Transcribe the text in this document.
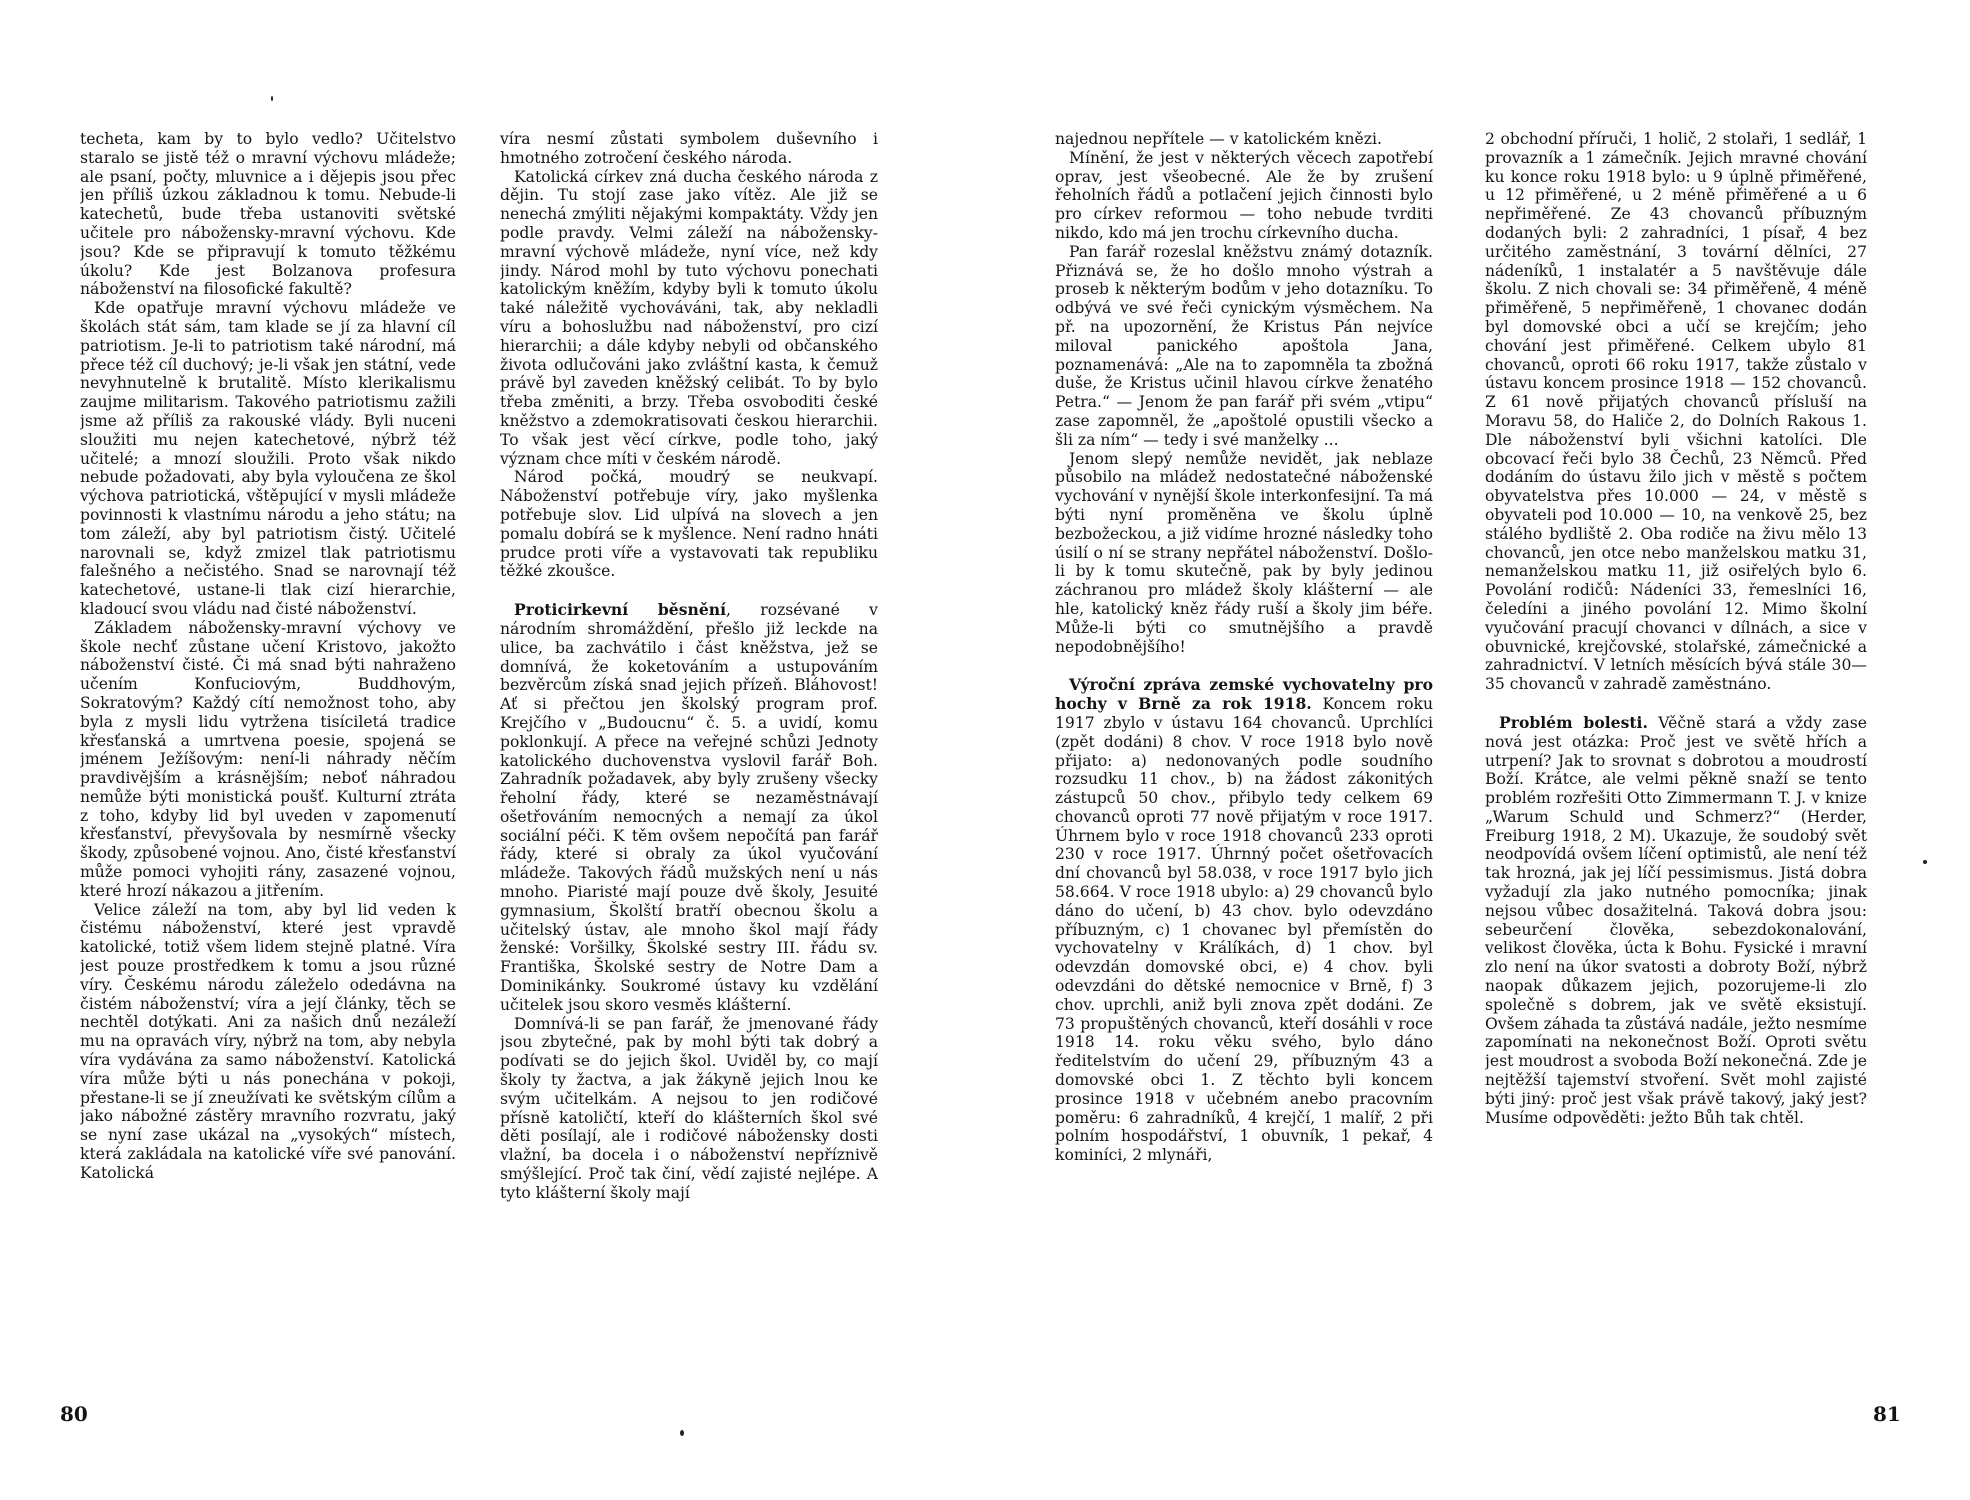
techeta, kam by to bylo vedlo? Učitelstvo staralo se jistě též o mravní výchovu mládeže; ale psaní, počty, mluvnice a i dějepis jsou přec jen příliš úzkou základnou k tomu. Nebude-li katechetů, bude třeba ustanoviti světské učitele pro nábožensky-mravní výchovu. Kde jsou? Kde se připravují k tomuto těžkému úkolu? Kde jest Bolzanova profesura náboženství na filosofické fakultě?

Kde opatřuje mravní výchovu mládeže ve školách stát sám, tam klade se jí za hlavní cíl patriotism. Je-li to patriotism také národní, má přece též cíl duchový; je-li však jen státní, vede nevyhnutelně k brutalitě. Místo klerikalismu zaujme militarism. Takového patriotismu zažili jsme až příliš za rakouské vlády. Byli nuceni sloužiti mu nejen katechetové, nýbrž též učitelé; a mnozí sloužili. Proto však nikdo nebude požadovati, aby byla vyloučena ze škol výchova patriotická, vštěpující v mysli mládeže povinnosti k vlastnímu národu a jeho státu; na tom záleží, aby byl patriotism čistý. Učitelé narovnali se, když zmizel tlak patriotismu falešného a nečistého. Snad se narovnají též katechetové, ustane-li tlak cizí hierarchie, kladoucí svou vládu nad čisté náboženství.

Základem nábožensky-mravní výchovy ve škole nechť zůstane učení Kristovo, jakožto náboženství čisté. Či má snad býti nahraženo učením Konfuciovým, Buddhovým, Sokratovým? Každý cítí nemožnost toho, aby byla z mysli lidu vytržena tisíciletá tradice křesťanská a umrtvena poesie, spojená se jménem Ježíšovým: není-li náhrady něčím pravdivějším a krásnějším; neboť náhradou nemůže býti monistická poušť. Kulturní ztráta z toho, kdyby lid byl uveden v zapomenutí křesťanství, převyšovala by nesmírně všecky škody, způsobené vojnou. Ano, čisté křesťanství může pomoci vyhojiti rány, zasazené vojnou, které hrozí nákazou a jitřením.

Velice záleží na tom, aby byl lid veden k čistému náboženství, které jest vpravdě katolické, totiž všem lidem stejně platné. Víra jest pouze prostředkem k tomu a jsou různé víry. Českému národu záleželo odedávna na čistém náboženství; víra a její články, těch se nechtěl dotýkati. Ani za našich dnů nezáleží mu na opravách víry, nýbrž na tom, aby nebyla víra vydávána za samo náboženství. Katolická víra může býti u nás ponechána v pokoji, přestane-li se jí zneužívati ke světským cílům a jako nábožné zástěry mravního rozvratu, jaký se nyní zase ukázal na „vysokých“ místech, která zakládala na katolické víře své panování. Katolická

víra nesmí zůstati symbolem duševního i hmotného zotročení českého národa.

Katolická církev zná ducha českého národa z dějin. Tu stojí zase jako vítěz. Ale již se nenechá zmýliti nějakými kompaktáty. Vždy jen podle pravdy. Velmi záleží na nábožensky-mravní výchově mládeže, nyní více, než kdy jindy. Národ mohl by tuto výchovu ponechati katolickým kněžím, kdyby byli k tomuto úkolu také náležitě vychováváni, tak, aby nekladli víru a bohoslužbu nad náboženství, pro cizí hierarchii; a dále kdyby nebyli od občanského života odlučováni jako zvláštní kasta, k čemuž právě byl zaveden kněžský celibát. To by bylo třeba změniti, a brzy. Třeba osvoboditi české kněžstvo a zdemokratisovati českou hierarchii. To však jest věcí církve, podle toho, jaký význam chce míti v českém národě.

Národ počká, moudrý se neukvapí. Náboženství potřebuje víry, jako myšlenka potřebuje slov. Lid ulpívá na slovech a jen pomalu dobírá se k myšlence. Není radno hnáti prudce proti víře a vystavovati tak republiku těžké zkoušce.

Proticirkevní běsnění, rozsévané v národním shromáždění, přešlo již leckde na ulice, ba zachvátilo i část kněžstva, jež se domnívá, že koketováním a ustupováním bezvěrcům získá snad jejich přízeň. Bláhovost! Ať si přečtou jen školský program prof. Krejčího v „Budoucnu“ č. 5. a uvidí, komu poklonkují. A přece na veřejné schůzi Jednoty katolického duchovenstva vyslovil farář Boh. Zahradník požadavek, aby byly zrušeny všecky řeholní řády, které se nezaměstnávají ošetřováním nemocných a nemají za úkol sociální péči. K těm ovšem nepočítá pan farář řády, které si obraly za úkol vyučování mládeže. Takových řádů mužských není u nás mnoho. Piaristé mají pouze dvě školy, Jesuité gymnasium, Školští bratří obecnou školu a učitelský ústav, ale mnoho škol mají řády ženské: Voršilky, Školské sestry III. řádu sv. Františka, Školské sestry de Notre Dam a Dominikánky. Soukromé ústavy ku vzdělání učitelek jsou skoro vesměs klášterní.

Domnívá-li se pan farář, že jmenované řády jsou zbytečné, pak by mohl býti tak dobrý a podívati se do jejich škol. Uviděl by, co mají školy ty žactva, a jak žákyně jejich lnou ke svým učitelkám. A nejsou to jen rodičové přísně katoličtí, kteří do klášterních škol své děti posílají, ale i rodičové nábožensky dosti vlažní, ba docela i o náboženství nepříznivě smýšlející. Proč tak činí, vědí zajisté nejlépe. A tyto klášterní školy mají

80

najednou nepřítele — v katolickém knězi.

Mínění, že jest v některých věcech zapotřebí oprav, jest všeobecné. Ale že by zrušení řeholních řádů a potlačení jejich činnosti bylo pro církev reformou — toho nebude tvrditi nikdo, kdo má jen trochu církevního ducha.

Pan farář rozeslal kněžstvu známý dotazník. Přiznává se, že ho došlo mnoho výstrah a proseb k některým bodům v jeho dotazníku. To odbývá ve své řeči cynickým výsměchem. Na př. na upozornění, že Kristus Pán nejvíce miloval panického apoštola Jana, poznamenává: „Ale na to zapomněla ta zbožná duše, že Kristus učinil hlavou církve ženatého Petra.“ — Jenom že pan farář při svém „vtipu“ zase zapomněl, že „apoštolé opustili všecko a šli za ním“ — tedy i své manželky ...

Jenom slepý nemůže nevidět, jak neblaze působilo na mládež nedostatečné náboženské vychování v nynější škole interkonfesijní. Ta má býti nyní proměněna ve školu úplně bezbožeckou, a již vidíme hrozné následky toho úsilí o ní se strany nepřátel náboženství. Došlo-li by k tomu skutečně, pak by byly jedinou záchranou pro mládež školy klášterní — ale hle, katolický kněz řády ruší a školy jim béře. Může-li býti co smutnějšího a pravdě nepodobnějšího!

Výroční zpráva zemské vychovatelny pro hochy v Brně za rok 1918. Koncem roku 1917 zbylo v ústavu 164 chovanců. Uprchlíci (zpět dodáni) 8 chov. V roce 1918 bylo nově přijato: a) nedonovaných podle soudního rozsudku 11 chov., b) na žádost zákonitých zástupců 50 chov., přibylo tedy celkem 69 chovanců oproti 77 nově přijatým v roce 1917. Úhrnem bylo v roce 1918 chovanců 233 oproti 230 v roce 1917. Úhrnný počet ošetřovacích dní chovanců byl 58.038, v roce 1917 bylo jich 58.664. V roce 1918 ubylo: a) 29 chovanců bylo dáno do učení, b) 43 chov. bylo odevzdáno příbuzným, c) 1 chovanec byl přemístěn do vychovatelny v Králíkách, d) 1 chov. byl odevzdán domovské obci, e) 4 chov. byli odevzdáni do dětské nemocnice v Brně, f) 3 chov. uprchli, aniž byli znova zpět dodáni. Ze 73 propuštěných chovanců, kteří dosáhli v roce 1918 14. roku věku svého, bylo dáno ředitelstvím do učení 29, příbuzným 43 a domovské obci 1. Z těchto byli koncem prosince 1918 v učebném anebo pracovním poměru: 6 zahradníků, 4 krejčí, 1 malíř, 2 při polním hospodářství, 1 obuvník, 1 pekař, 4 kominíci, 2 mlynáři,

2 obchodní příruči, 1 holič, 2 stolaři, 1 sedlář, 1 provazník a 1 zámečník. Jejich mravné chování ku konce roku 1918 bylo: u 9 úplně přiměřené, u 12 přiměřené, u 2 méně přiměřené a u 6 nepřiměřené. Ze 43 chovanců příbuzným dodaných byli: 2 zahradníci, 1 písař, 4 bez určitého zaměstnání, 3 tovární dělníci, 27 nádeníků, 1 instalatér a 5 navštěvuje dále školu. Z nich chovali se: 34 přiměřeně, 4 méně přiměřeně, 5 nepřiměřeně, 1 chovanec dodán byl domovské obci a učí se krejčím; jeho chování jest přiměřené. Celkem ubylo 81 chovanců, oproti 66 roku 1917, takže zůstalo v ústavu koncem prosince 1918 — 152 chovanců. Z 61 nově přijatých chovanců přísluší na Moravu 58, do Haliče 2, do Dolních Rakous 1. Dle náboženství byli všichni katolíci. Dle obcovací řeči bylo 38 Čechů, 23 Němců. Před dodáním do ústavu žilo jich v městě s počtem obyvatelstva přes 10.000 — 24, v městě s obyvateli pod 10.000 — 10, na venkově 25, bez stálého bydliště 2. Oba rodiče na živu mělo 13 chovanců, jen otce nebo manželskou matku 31, nemanželskou matku 11, již osiřelých bylo 6. Povolání rodičů: Nádeníci 33, řemeslníci 16, čeledíni a jiného povolání 12. Mimo školní vyučování pracují chovanci v dílnách, a sice v obuvnické, krejčovské, stolařské, zámečnické a zahradnictví. V letních měsících bývá stále 30—35 chovanců v zahradě zaměstnáno.

Problém bolesti. Věčně stará a vždy zase nová jest otázka: Proč jest ve světě hřích a utrpení? Jak to srovnat s dobrotou a moudrostí Boží. Krátce, ale velmi pěkně snaží se tento problém rozřešiti Otto Zimmermann T. J. v knize „Warum Schuld und Schmerz?“ (Herder, Freiburg 1918, 2 M). Ukazuje, že soudobý svět neodpovídá ovšem líčení optimistů, ale není též tak hrozná, jak jej líčí pessimismus. Jistá dobra vyžadují zla jako nutného pomocníka; jinak nejsou vůbec dosažitelná. Taková dobra jsou: sebeurčení člověka, sebezdokonalování, velikost člověka, úcta k Bohu. Fysické i mravní zlo není na úkor svatosti a dobroty Boží, nýbrž naopak důkazem jejich, pozorujeme-li zlo společně s dobrem, jak ve světě eksistují. Ovšem záhada ta zůstává nadále, ježto nesmíme zapomínati na nekonečnost Boží. Oproti světu jest moudrost a svoboda Boží nekonečná. Zde je nejtěžší tajemství stvoření. Svět mohl zajisté býti jiný: proč jest však právě takový, jaký jest? Musíme odpověděti: ježto Bůh tak chtěl.

81
